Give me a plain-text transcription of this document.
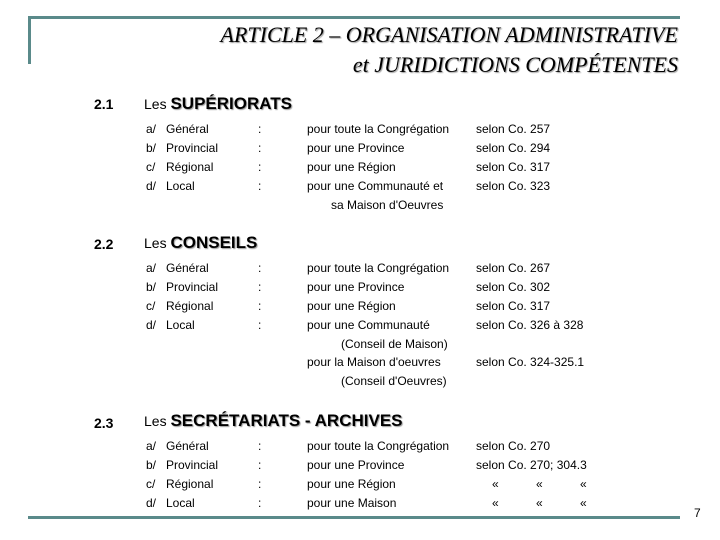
ARTICLE 2 – ORGANISATION ADMINISTRATIVE
et JURIDICTIONS COMPÉTENTES
2.1 Les SUPÉRIORATS
a/ Général	:	pour toute la Congrégation selon Co. 257
b/ Provincial	:	pour une Province	selon Co. 294
c/ Régional	:	pour une Région	selon Co. 317
d/ Local	:	pour une Communauté et	selon Co. 323
sa Maison d'Oeuvres
2.2 Les CONSEILS
a/ Général	:	pour toute la Congrégation selon Co. 267
b/ Provincial	:	pour une Province	selon Co. 302
c/ Régional	:	pour une Région	selon Co. 317
d/ Local	:	pour une Communauté	selon Co. 326 à 328
(Conseil de Maison)
pour la Maison d'oeuvres	selon Co. 324-325.1
(Conseil d'Oeuvres)
2.3 Les SECRÉTARIATS - ARCHIVES
a/ Général	:	pour toute la Congrégation selon Co. 270
b/ Provincial	:	pour une Province	selon Co. 270; 304.3
c/ Régional	:	pour une Région	«	«	«
d/ Local	:	pour une Maison	«	«	«
7
